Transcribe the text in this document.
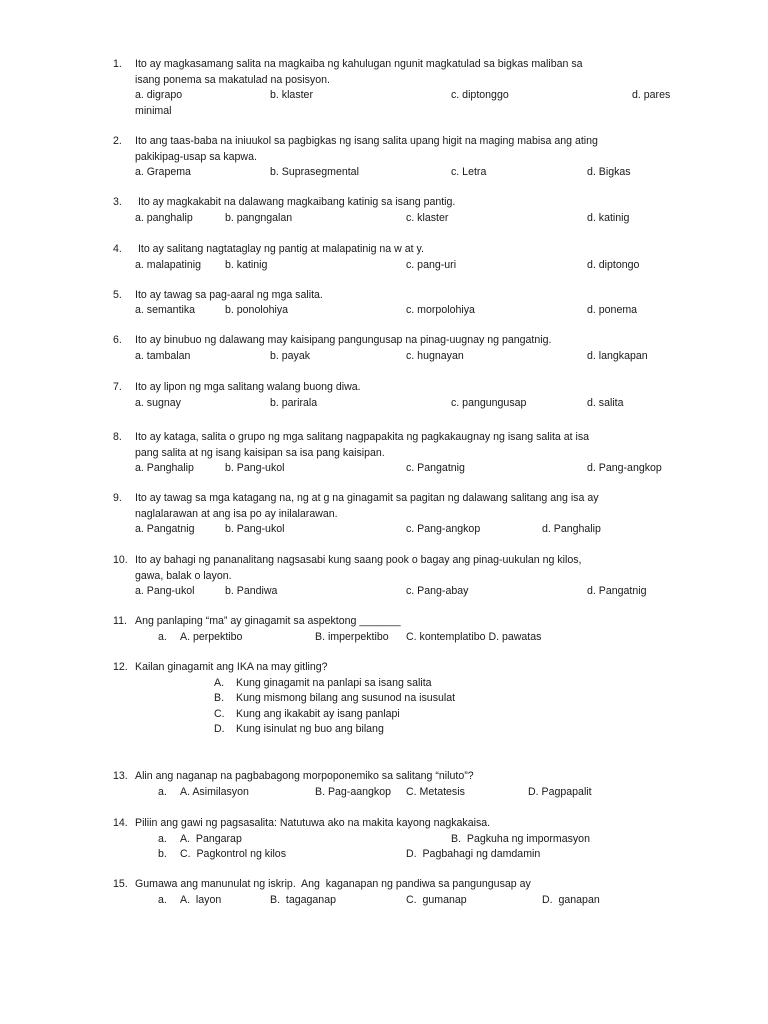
1. Ito ay magkasamang salita na magkaiba ng kahulugan ngunit magkatulad sa bigkas maliban sa
isang ponema sa makatulad na posisyon.
a. digrapo	b. klaster	c. diptonggo	d. pares
minimal
2. Ito ang taas-baba na iniuukol sa pagbigkas ng isang salita upang higit na maging mabisa ang ating
pakikipag-usap sa kapwa.
a. Grapema	b. Suprasegmental	c. Letra	d. Bigkas
3. Ito ay magkakabit na dalawang magkaibang katinig sa isang pantig.
a. panghalip	b. pangngalan	c. klaster	d. katinig
4. Ito ay salitang nagtataglay ng pantig at malapatinig na w at y.
a. malapatinig b. katinig	c. pang-uri	d. diptongo
5. Ito ay tawag sa pag-aaral ng mga salita.
a. semantika	b. ponolohiya	c. morpolohiya	d. ponema
6. Ito ay binubuo ng dalawang may kaisipang pangungusap na pinag-uugnay ng pangatnig.
a. tambalan	b. payak	c. hugnayan	d. langkapan
7. Ito ay lipon ng mga salitang walang buong diwa.
a. sugnay	b. parirala	c. pangungusap	d. salita
8. Ito ay kataga, salita o grupo ng mga salitang nagpapakita ng pagkakaugnay ng isang salita at isa
pang salita at ng isang kaisipan sa isa pang kaisipan.
a. Panghalip	b. Pang-ukol	c. Pangatnig	d. Pang-angkop
9. Ito ay tawag sa mga katagang na, ng at g na ginagamit sa pagitan ng dalawang salitang ang isa ay
naglalarawan at ang isa po ay inilalarawan.
a. Pangatnig	b. Pang-ukol	c. Pang-angkop	d. Panghalip
10. Ito ay bahagi ng pananalitang nagsasabi kung saang pook o bagay ang pinag-uukulan ng kilos,
gawa, balak o layon.
a. Pang-ukol	b. Pandiwa	c. Pang-abay	d. Pangatnig
11. Ang panlaping “ma” ay ginagamit sa aspektong _______
a. A. perpektibo	B. imperpektibo C. kontemplatibo D. pawatas
12. Kailan ginagamit ang IKA na may gitling?
A. Kung ginagamit na panlapi sa isang salita
B. Kung mismong bilang ang susunod na isusulat
C. Kung ang ikakabit ay isang panlapi
D. Kung isinulat ng buo ang bilang
13. Alin ang naganap na pagbabagong morpoponemiko sa salitang “niluto”?
a. A. Asimilasyon	B. Pag-aangkop C. Metatesis	D. Pagpapalit
14. Piliin ang gawi ng pagsasalita: Natutuwa ako na makita kayong nagkakaisa.
a. A.  Pangarap	B.  Pagkuha ng impormasyon
b. C.  Pagkontrol ng kilos	D.  Pagbahagi ng damdamin
15. Gumawa ang manunulat ng iskrip.  Ang  kaganapan ng pandiwa sa pangungusap ay
a. A.  layon	B.  tagaganap	C.  gumanap	D.  ganapan
